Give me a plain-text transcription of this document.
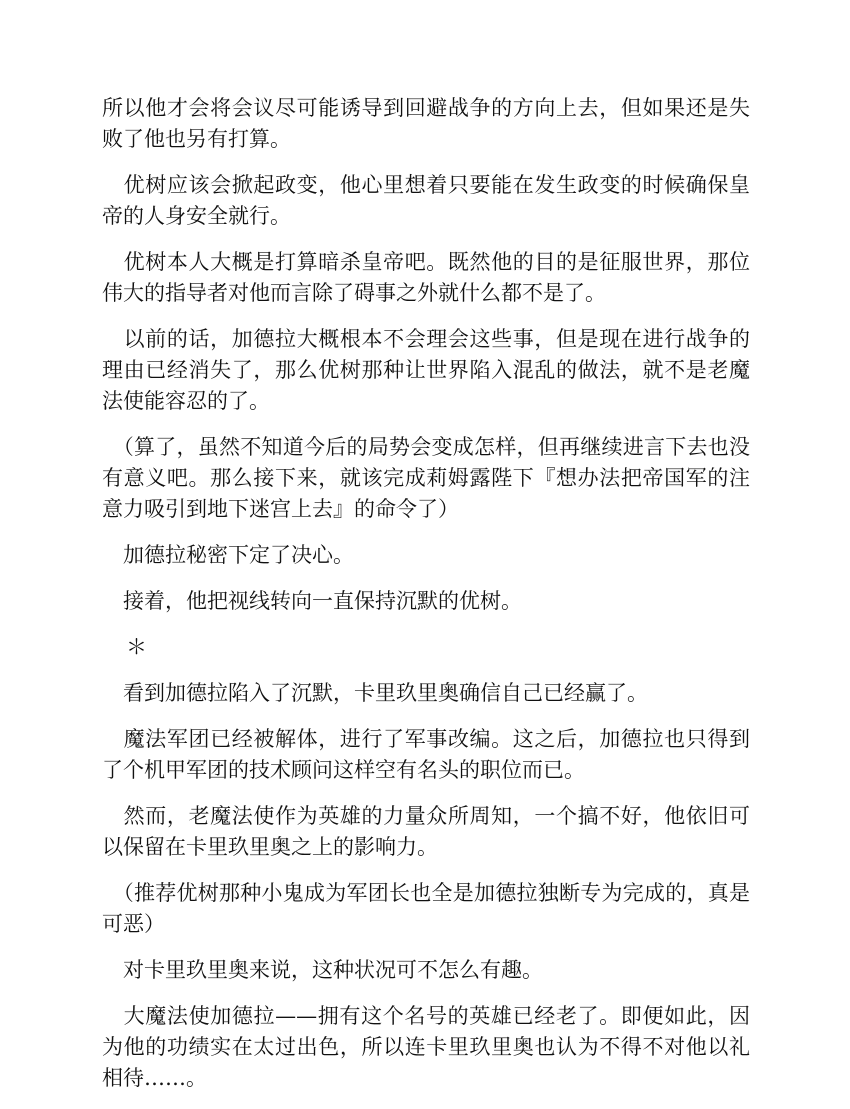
所以他才会将会议尽可能诱导到回避战争的方向上去，但如果还是失败了他也另有打算。

　优树应该会掀起政变，他心里想着只要能在发生政变的时候确保皇帝的人身安全就行。

　优树本人大概是打算暗杀皇帝吧。既然他的目的是征服世界，那位伟大的指导者对他而言除了碍事之外就什么都不是了。

　以前的话，加德拉大概根本不会理会这些事，但是现在进行战争的理由已经消失了，那么优树那种让世界陷入混乱的做法，就不是老魔法使能容忍的了。

　（算了，虽然不知道今后的局势会变成怎样，但再继续进言下去也没有意义吧。那么接下来，就该完成莉姆露陛下『想办法把帝国军的注意力吸引到地下迷宫上去』的命令了）

　加德拉秘密下定了决心。

　接着，他把视线转向一直保持沉默的优树。

＊

　看到加德拉陷入了沉默，卡里玖里奥确信自己已经赢了。

　魔法军团已经被解体，进行了军事改编。这之后，加德拉也只得到了个机甲军团的技术顾问这样空有名头的职位而已。

　然而，老魔法使作为英雄的力量众所周知，一个搞不好，他依旧可以保留在卡里玖里奥之上的影响力。

　（推荐优树那种小鬼成为军团长也全是加德拉独断专为完成的，真是可恶）

　对卡里玖里奥来说，这种状况可不怎么有趣。

　大魔法使加德拉——拥有这个名号的英雄已经老了。即便如此，因为他的功绩实在太过出色，所以连卡里玖里奥也认为不得不对他以礼相待……。
